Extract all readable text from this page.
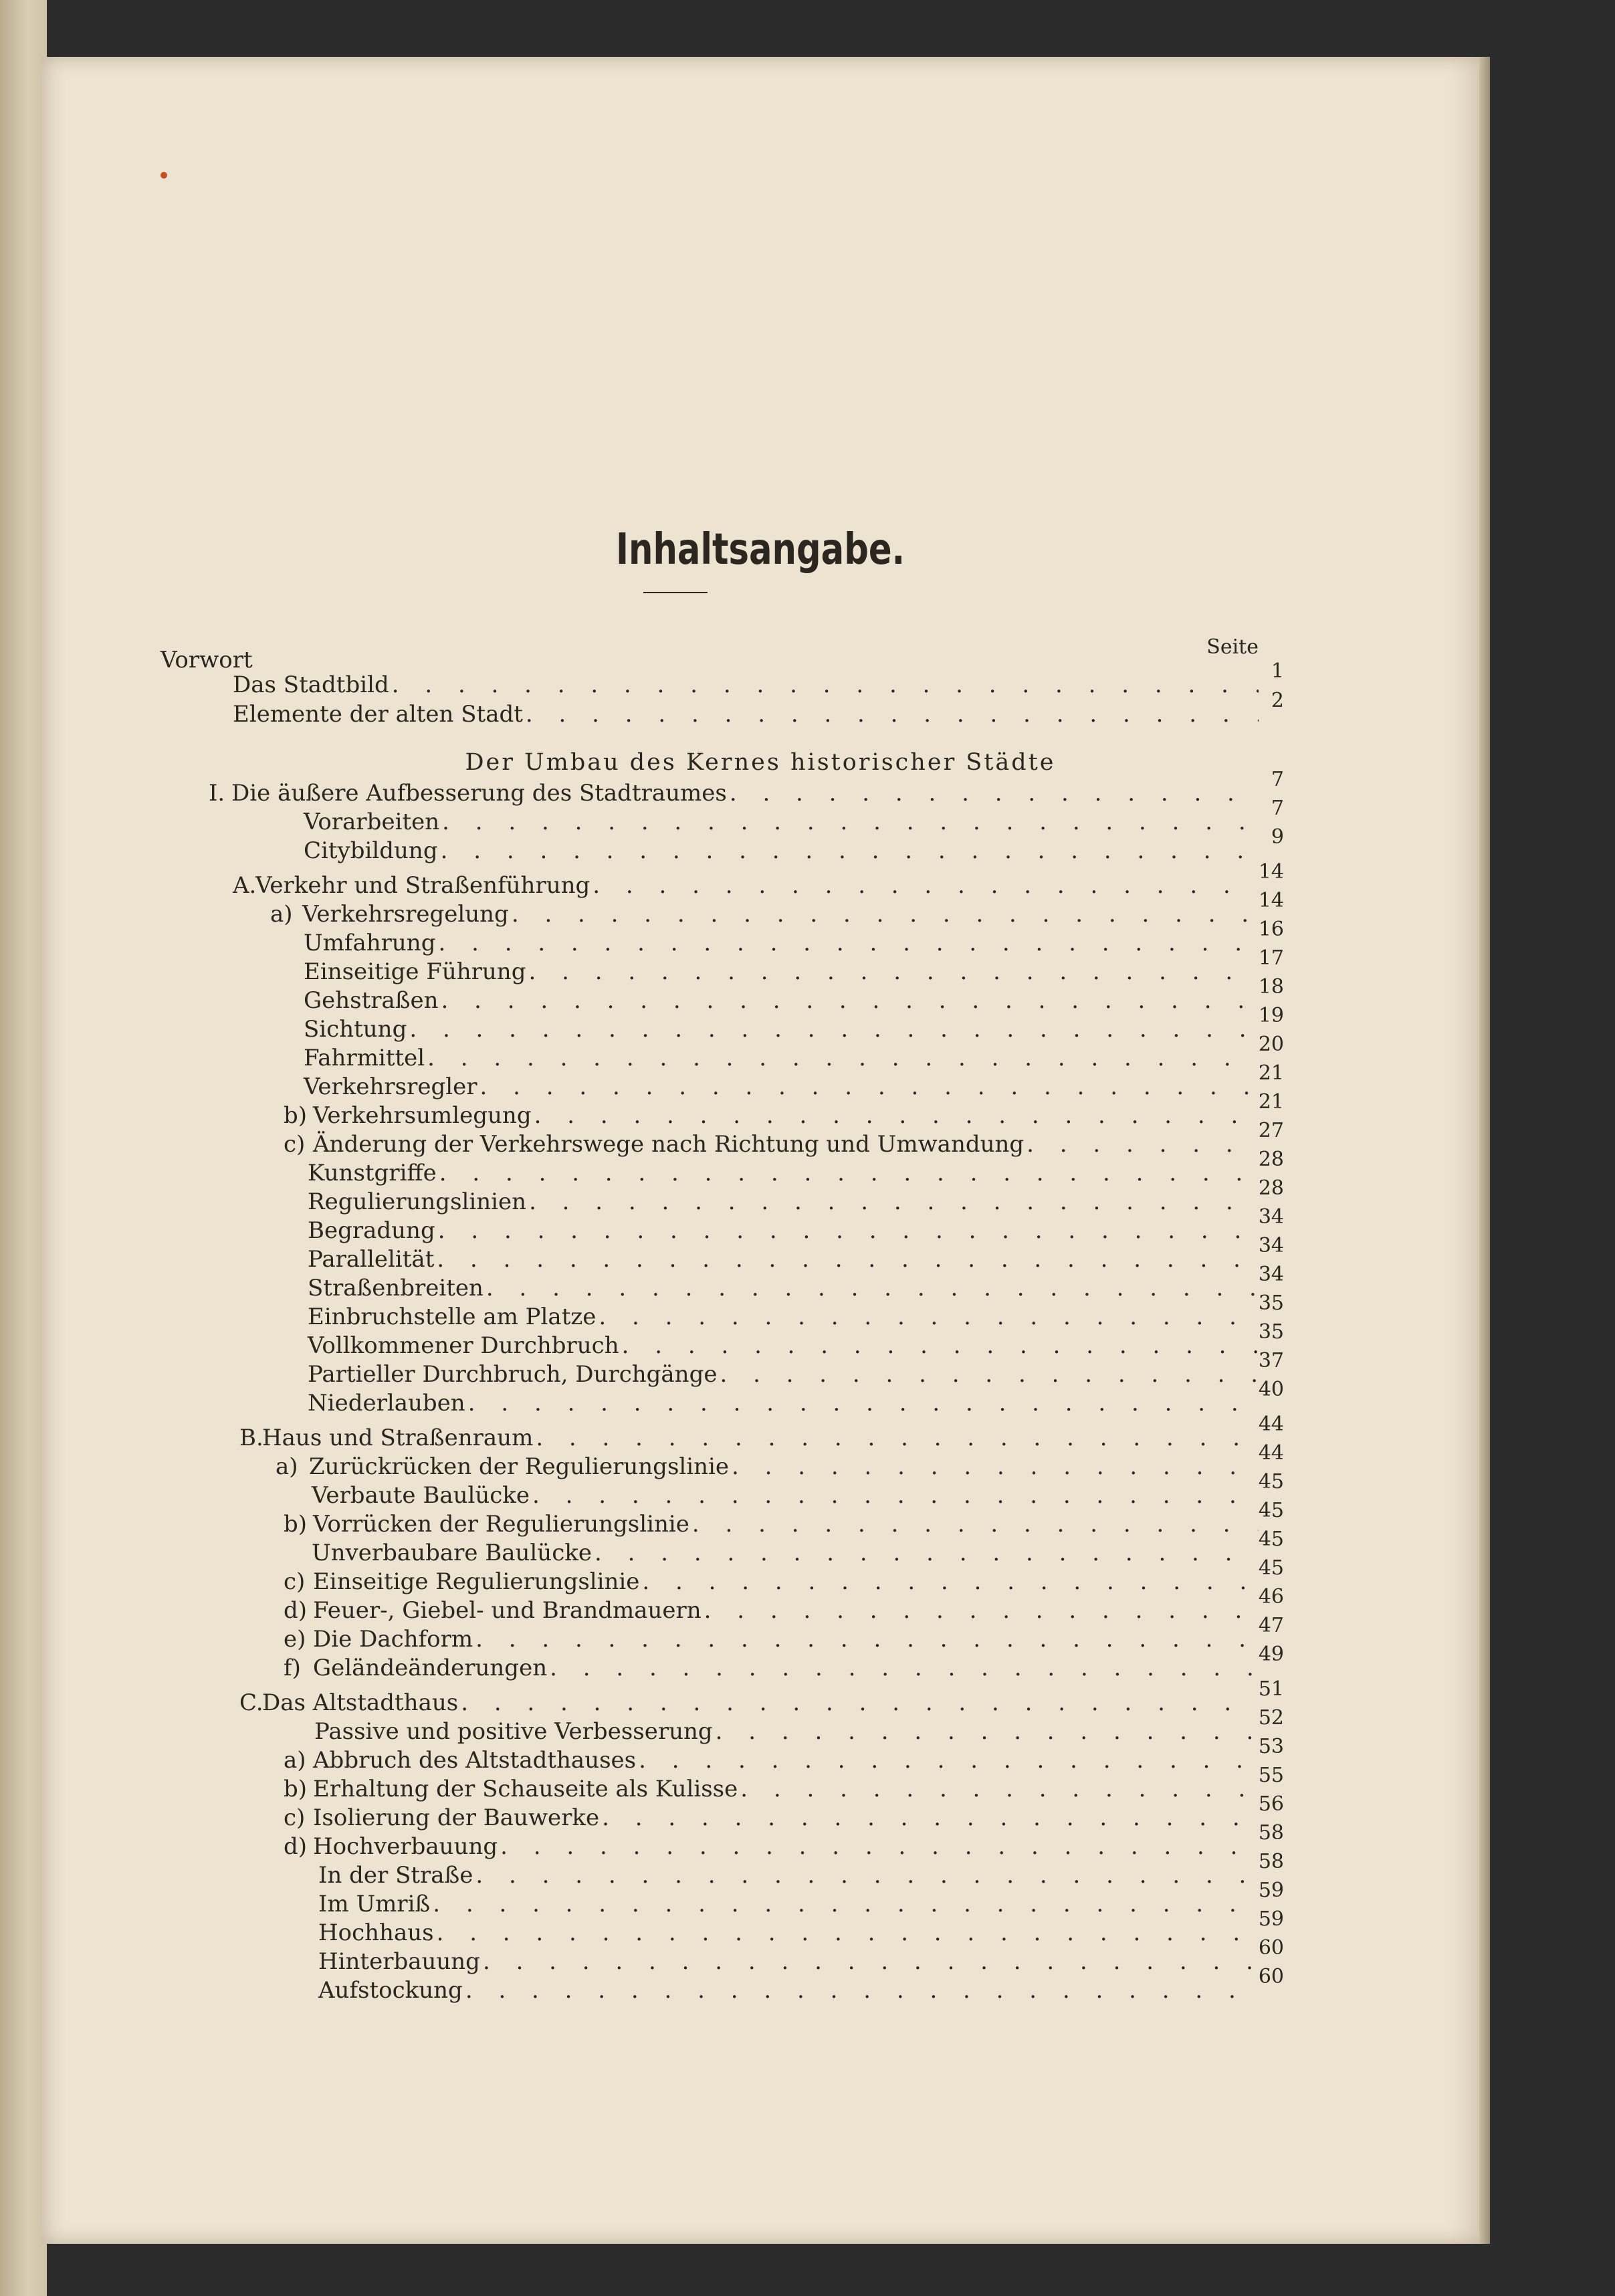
Inhaltsangabe.
Seite
Vorwort
Der Umbau des Kernes historischer Städte
Das Stadtbild
. . .
1
Elemente der alten Stadt
. . .
2
I. Die äußere Aufbesserung des Stadtraumes
. . .
7
Vorarbeiten
. . .
7
Citybildung
. . .
9
A.
Verkehr und Straßenführung
. . .
14
a) Verkehrsregelung
. . .
14
Umfahrung
. . .
16
Einseitige Führung
. . .
17
Gehstraßen
. . .
18
Sichtung
. . .
19
Fahrmittel
. . .
20
Verkehrsregler
. . .
21
b) Verkehrsumlegung
. . .
21
c) Änderung der Verkehrswege nach Richtung und Umwandung
. . .
27
Kunstgriffe
. . .
28
Regulierungslinien
. . .
28
Begradung
. . .
34
Parallelität
. . .
34
Straßenbreiten
. . .
34
Einbruchstelle am Platze
. . .
35
Vollkommener Durchbruch
. . .
35
Partieller Durchbruch, Durchgänge
. . .
37
Niederlauben
. . .
40
B.
Haus und Straßenraum
. . .
44
a) Zurückrücken der Regulierungslinie
. . .
44
Verbaute Baulücke
. . .
45
b) Vorrücken der Regulierungslinie
. . .
45
Unverbaubare Baulücke
. . .
45
c) Einseitige Regulierungslinie
. . .
45
d) Feuer-, Giebel- und Brandmauern
. . .
46
e) Die Dachform
. . .
47
f) Geländeänderungen
. . .
49
C.
Das Altstadthaus
. . .
51
Passive und positive Verbesserung
. . .
52
a) Abbruch des Altstadthauses
. . .
53
b) Erhaltung der Schauseite als Kulisse
. . .
55
c) Isolierung der Bauwerke
. . .
56
d) Hochverbauung
. . .
58
In der Straße
. . .
58
Im Umriß
. . .
59
Hochhaus
. . .
59
Hinterbauung
. . .
60
Aufstockung
. . .
60
